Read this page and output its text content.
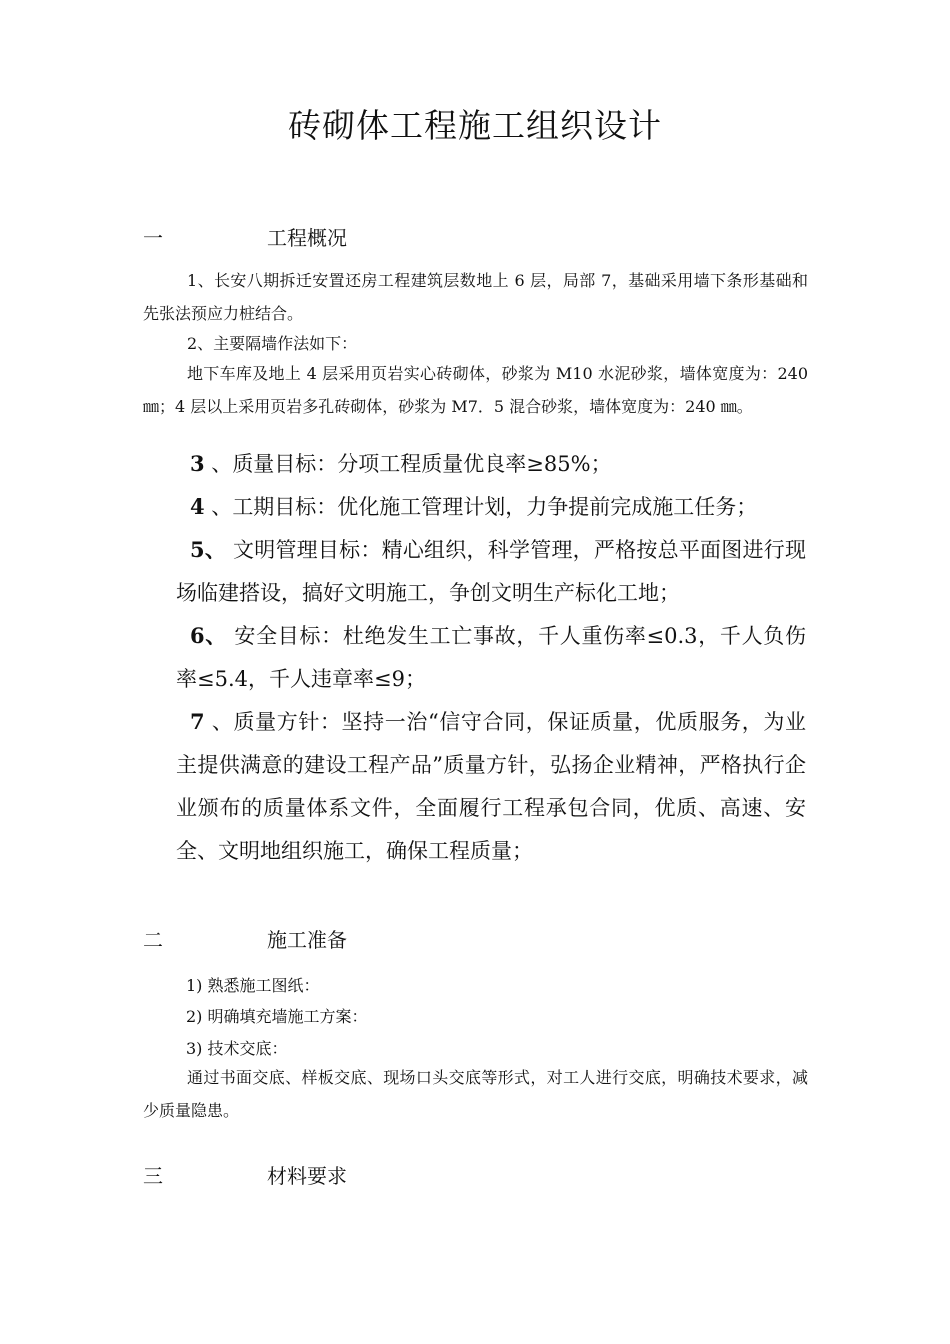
砖砌体工程施工组织设计
一	工程概况
1、长安八期拆迁安置还房工程建筑层数地上 6 层，局部 7，基础采用墙下条形基础和先张法预应力桩结合。
2、主要隔墙作法如下：
地下车库及地上 4 层采用页岩实心砖砌体，砂浆为 M10 水泥砂浆，墙体宽度为：240 ㎜；4 层以上采用页岩多孔砖砌体，砂浆为 M7．5 混合砂浆，墙体宽度为：240 ㎜。
3 、质量目标：分项工程质量优良率≥85%；
4 、工期目标：优化施工管理计划，力争提前完成施工任务；
5、 文明管理目标：精心组织，科学管理，严格按总平面图进行现场临建搭设，搞好文明施工，争创文明生产标化工地；
6、 安全目标：杜绝发生工亡事故，千人重伤率≤0.3，千人负伤率≤5.4，千人违章率≤9；
7 、质量方针：坚持一治“信守合同，保证质量，优质服务，为业主提供满意的建设工程产品”质量方针，弘扬企业精神，严格执行企业颁布的质量体系文件，全面履行工程承包合同，优质、高速、安全、文明地组织施工，确保工程质量；
二	施工准备
1) 熟悉施工图纸：
2) 明确填充墙施工方案：
3) 技术交底：
通过书面交底、样板交底、现场口头交底等形式，对工人进行交底，明确技术要求，减少质量隐患。
三	材料要求
